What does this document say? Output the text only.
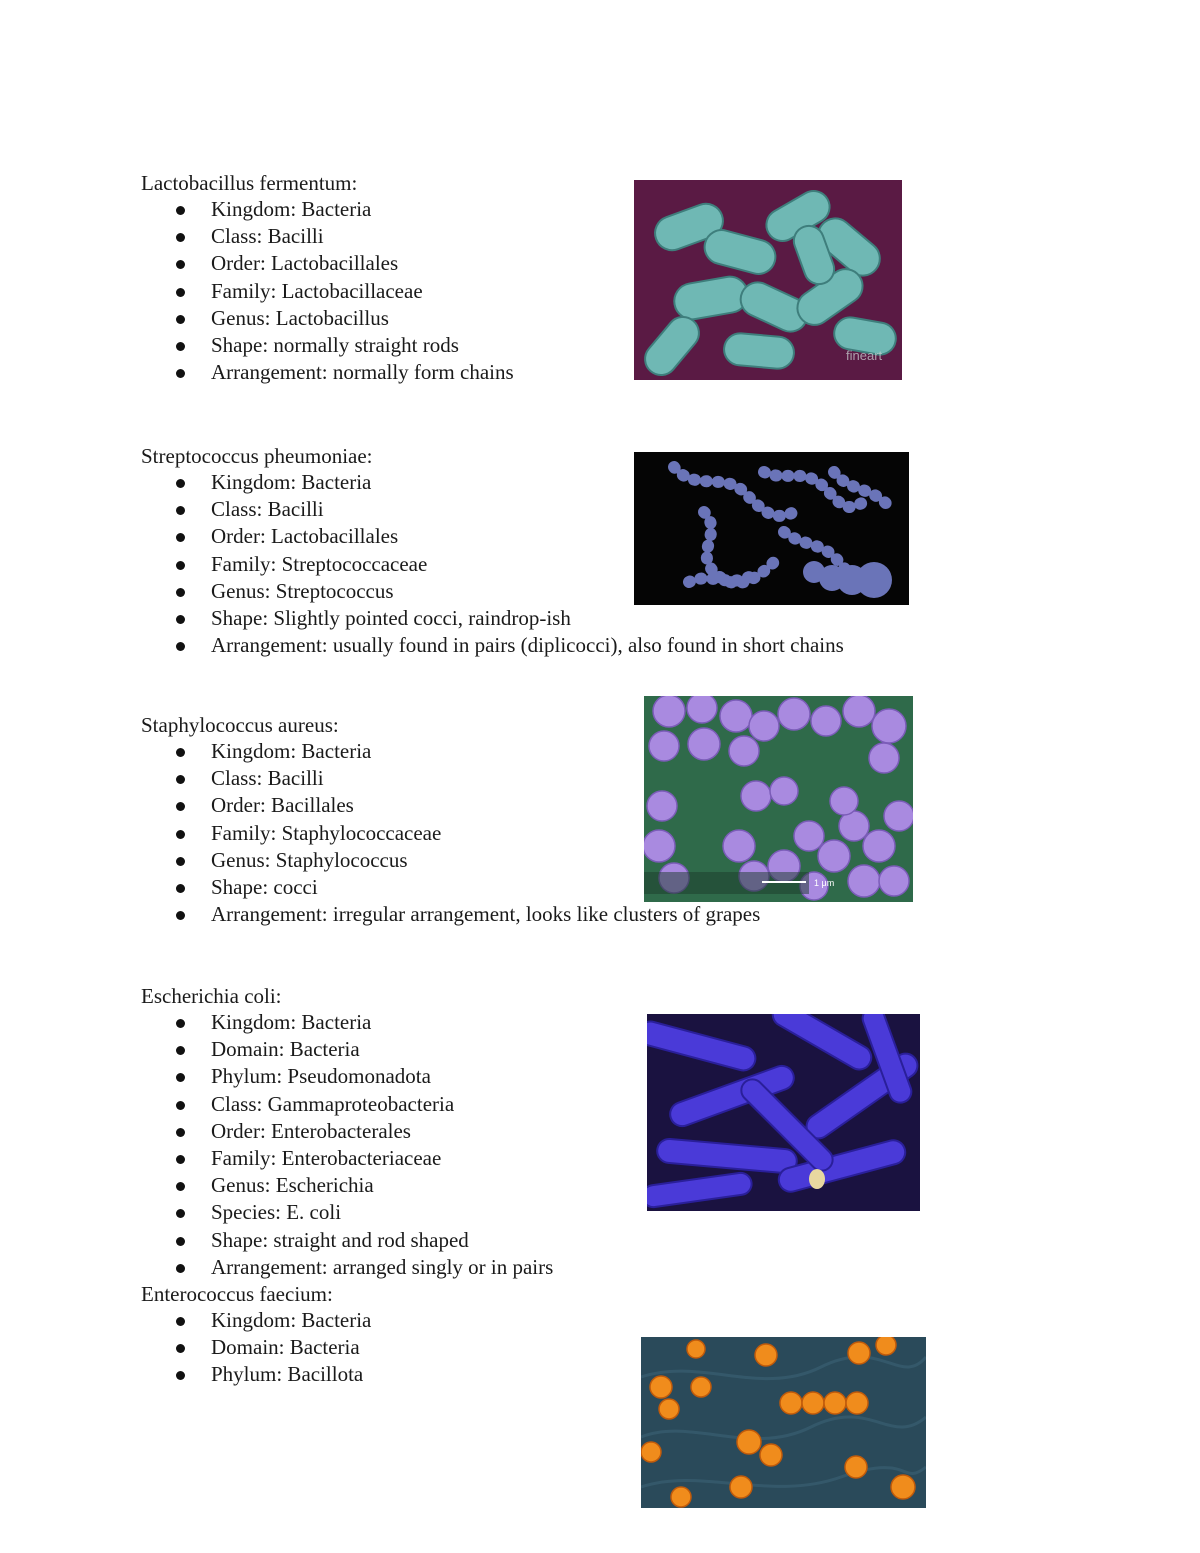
Lactobacillus fermentum:

Kingdom: Bacteria
Class: Bacilli
Order: Lactobacillales
Family: Lactobacillaceae
Genus: Lactobacillus
Shape: normally straight rods
Arrangement: normally form chains
fineart

Streptococcus pheumoniae:

Kingdom: Bacteria
Class: Bacilli
Order: Lactobacillales
Family: Streptococcaceae
Genus: Streptococcus
Shape: Slightly pointed cocci, raindrop-ish
Arrangement: usually found in pairs (diplicocci), also found in short chains

Staphylococcus aureus:

Kingdom: Bacteria
Class: Bacilli
Order: Bacillales
Family: Staphylococcaceae
Genus: Staphylococcus
Shape: cocci
Arrangement: irregular arrangement, looks like clusters of grapes
1 μm

Escherichia coli:

Kingdom: Bacteria
Domain: Bacteria
Phylum: Pseudomonadota
Class: Gammaproteobacteria
Order: Enterobacterales
Family: Enterobacteriaceae
Genus: Escherichia
Species: E. coli
Shape: straight and rod shaped
Arrangement: arranged singly or in pairs

Enterococcus faecium:

Kingdom: Bacteria
Domain: Bacteria
Phylum: Bacillota
